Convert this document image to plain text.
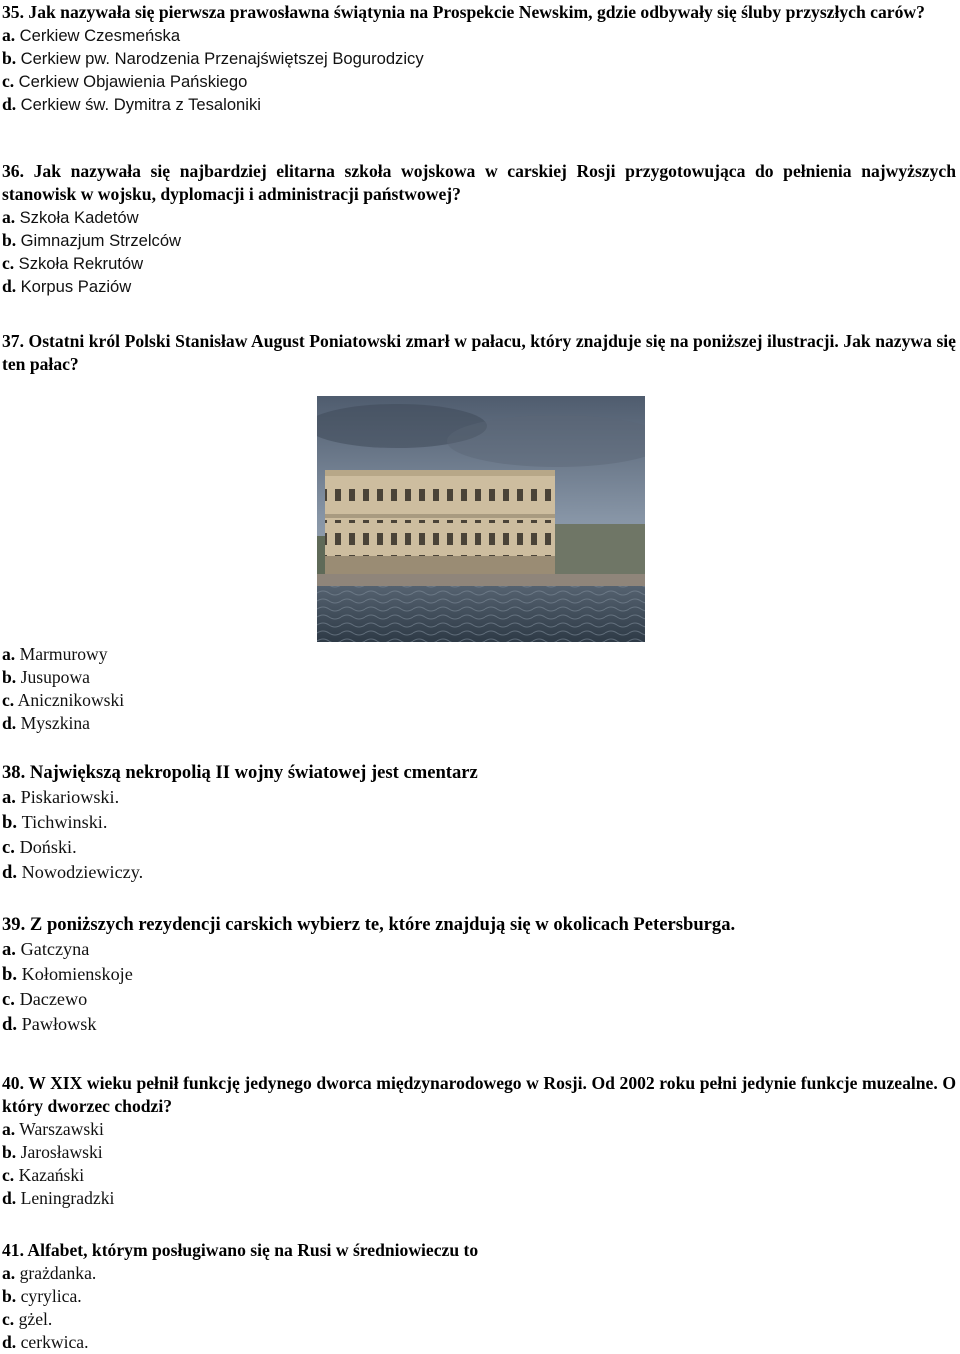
35. Jak nazywała się pierwsza prawosławna świątynia na Prospekcie Newskim, gdzie odbywały się śluby przyszłych carów?

a. Cerkiew Czesmeńska

b. Cerkiew pw. Narodzenia Przenajświętszej Bogurodzicy

c. Cerkiew Objawienia Pańskiego

d. Cerkiew św. Dymitra z Tesaloniki

36. Jak nazywała się najbardziej elitarna szkoła wojskowa w carskiej Rosji przygotowująca do pełnienia najwyższych stanowisk w wojsku, dyplomacji i administracji państwowej?

a. Szkoła Kadetów

b. Gimnazjum Strzelców

c. Szkoła Rekrutów

d. Korpus Paziów

37. Ostatni król Polski Stanisław August Poniatowski zmarł w pałacu, który znajduje się na poniższej ilustracji. Jak nazywa się ten pałac?

a. Marmurowy

b. Jusupowa

c. Anicznikowski

d. Myszkina

38. Największą nekropolią II wojny światowej jest cmentarz

a. Piskariowski.

b. Tichwinski.

c. Doński.

d. Nowodziewiczy.

39. Z poniższych rezydencji carskich wybierz te, które znajdują się w okolicach Petersburga.

a. Gatczyna

b. Kołomienskoje

c. Daczewo

d. Pawłowsk

40. W XIX wieku pełnił funkcję jedynego dworca międzynarodowego w Rosji. Od 2002 roku pełni jedynie funkcje muzealne. O który dworzec chodzi?

a. Warszawski

b. Jarosławski

c. Kazański

d. Leningradzki

41. Alfabet, którym posługiwano się na Rusi w średniowieczu to

a. grażdanka.

b. cyrylica.

c. gżel.

d. cerkwica.
